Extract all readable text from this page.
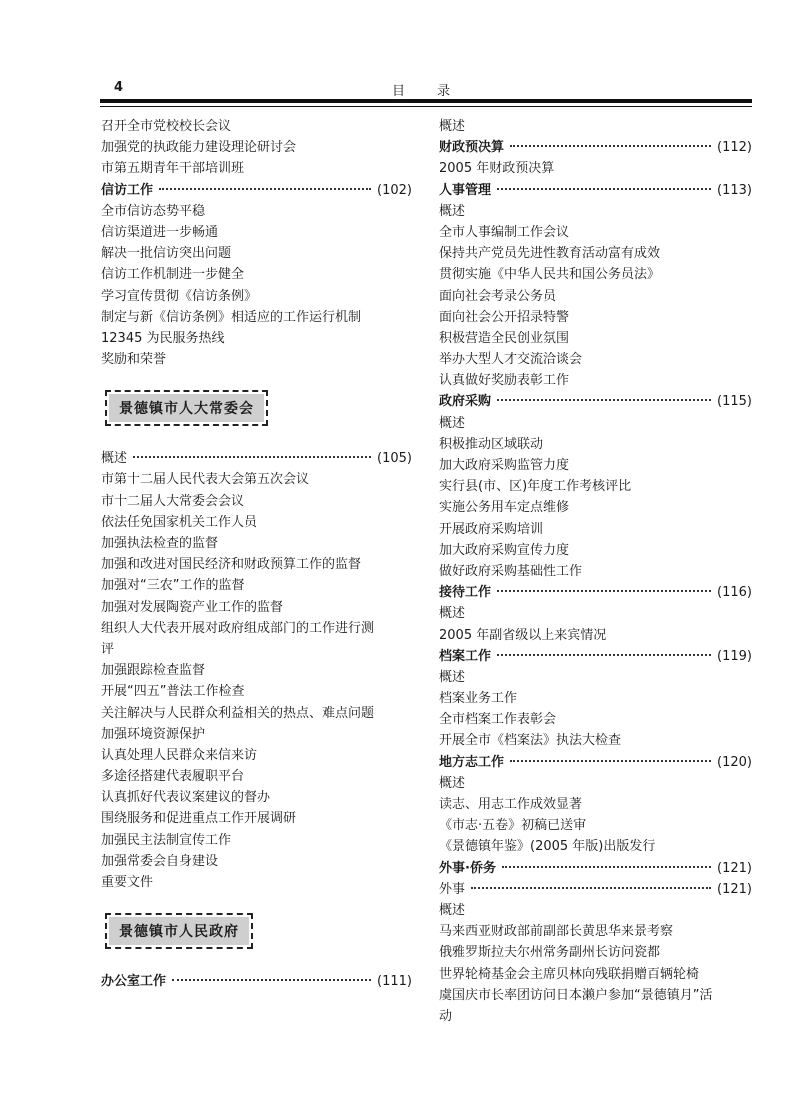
4	目 录
召开全市党校校长会议
加强党的执政能力建设理论研讨会
市第五期青年干部培训班
信访工作	(102)
全市信访态势平稳
信访渠道进一步畅通
解决一批信访突出问题
信访工作机制进一步健全
学习宣传贯彻《信访条例》
制定与新《信访条例》相适应的工作运行机制
12345 为民服务热线
奖励和荣誉
景德镇市人大常委会
概述	(105)
市第十二届人民代表大会第五次会议
市十二届人大常委会会议
依法任免国家机关工作人员
加强执法检查的监督
加强和改进对国民经济和财政预算工作的监督
加强对“三农”工作的监督
加强对发展陶瓷产业工作的监督
组织人大代表开展对政府组成部门的工作进行测
评
加强跟踪检查监督
开展“四五”普法工作检查
关注解决与人民群众利益相关的热点、难点问题
加强环境资源保护
认真处理人民群众来信来访
多途径搭建代表履职平台
认真抓好代表议案建议的督办
围绕服务和促进重点工作开展调研
加强民主法制宣传工作
加强常委会自身建设
重要文件
景德镇市人民政府
办公室工作	(111)
概述
财政预决算	(112)
2005 年财政预决算
人事管理	(113)
概述
全市人事编制工作会议
保持共产党员先进性教育活动富有成效
贯彻实施《中华人民共和国公务员法》
面向社会考录公务员
面向社会公开招录特警
积极营造全民创业氛围
举办大型人才交流洽谈会
认真做好奖励表彰工作
政府采购	(115)
概述
积极推动区域联动
加大政府采购监管力度
实行县(市、区)年度工作考核评比
实施公务用车定点维修
开展政府采购培训
加大政府采购宣传力度
做好政府采购基础性工作
接待工作	(116)
概述
2005 年副省级以上来宾情况
档案工作	(119)
概述
档案业务工作
全市档案工作表彰会
开展全市《档案法》执法大检查
地方志工作	(120)
概述
读志、用志工作成效显著
《市志·五卷》初稿已送审
《景德镇年鉴》(2005 年版)出版发行
外事·侨务	(121)
外事	(121)
概述
马来西亚财政部前副部长黄思华来景考察
俄雅罗斯拉夫尔州常务副州长访问瓷都
世界轮椅基金会主席贝林向残联捐赠百辆轮椅
虞国庆市长率团访问日本濑户参加“景德镇月”活
动
